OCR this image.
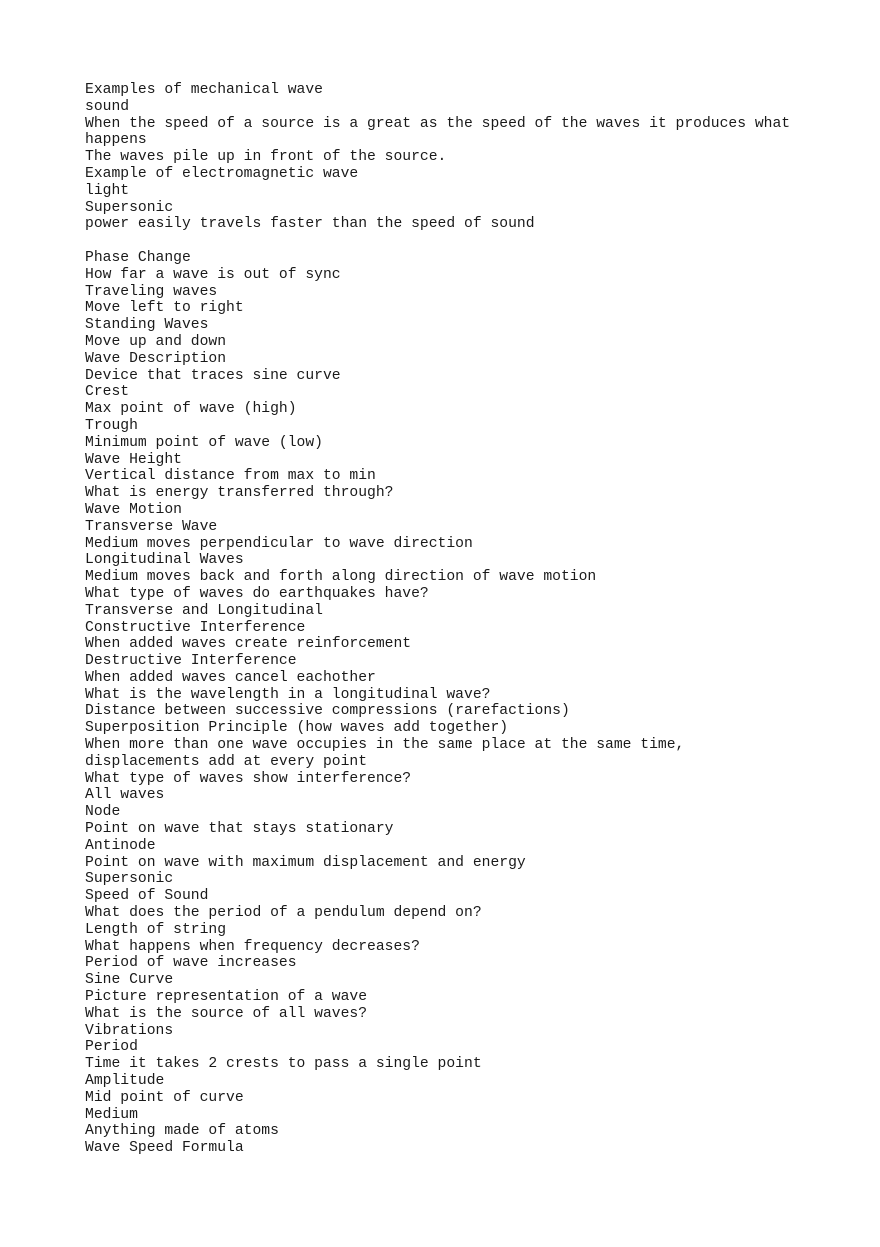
Examples of mechanical wave
sound
When the speed of a source is a great as the speed of the waves it produces what
happens
The waves pile up in front of the source.
Example of electromagnetic wave
light
Supersonic
power easily travels faster than the speed of sound
Phase Change
How far a wave is out of sync
Traveling waves
Move left to right
Standing Waves
Move up and down
Wave Description
Device that traces sine curve
Crest
Max point of wave (high)
Trough
Minimum point of wave (low)
Wave Height
Vertical distance from max to min
What is energy transferred through?
Wave Motion
Transverse Wave
Medium moves perpendicular to wave direction
Longitudinal Waves
Medium moves back and forth along direction of wave motion
What type of waves do earthquakes have?
Transverse and Longitudinal
Constructive Interference
When added waves create reinforcement
Destructive Interference
When added waves cancel eachother
What is the wavelength in a longitudinal wave?
Distance between successive compressions (rarefactions)
Superposition Principle (how waves add together)
When more than one wave occupies in the same place at the same time,
displacements add at every point
What type of waves show interference?
All waves
Node
Point on wave that stays stationary
Antinode
Point on wave with maximum displacement and energy
Supersonic
Speed of Sound
What does the period of a pendulum depend on?
Length of string
What happens when frequency decreases?
Period of wave increases
Sine Curve
Picture representation of a wave
What is the source of all waves?
Vibrations
Period
Time it takes 2 crests to pass a single point
Amplitude
Mid point of curve
Medium
Anything made of atoms
Wave Speed Formula
